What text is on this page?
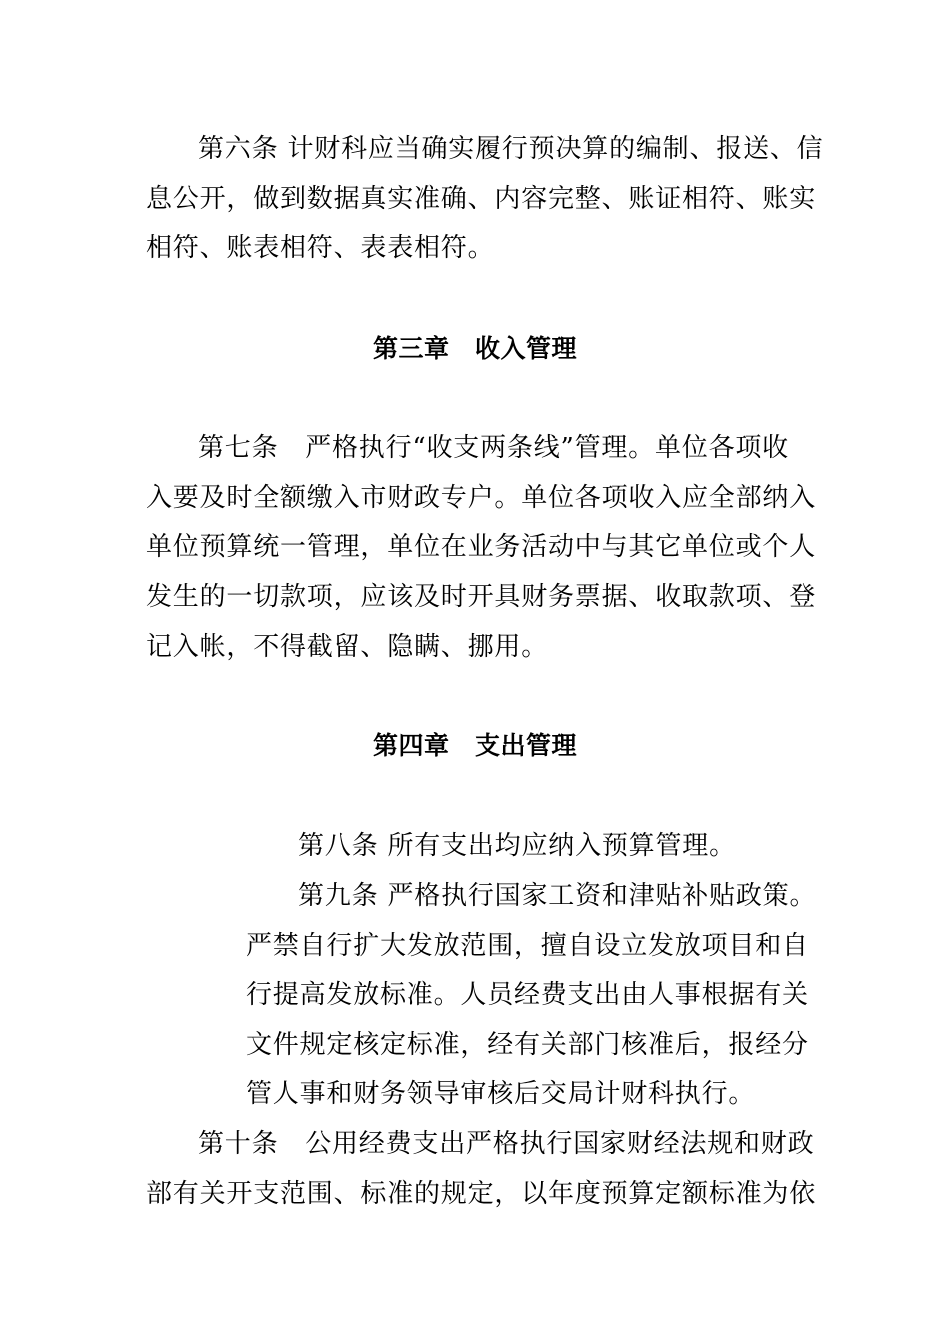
第六条 计财科应当确实履行预决算的编制、报送、信
息公开，做到数据真实准确、内容完整、账证相符、账实
相符、账表相符、表表相符。
第三章　收入管理
第七条　严格执行“收支两条线”管理。单位各项收
入要及时全额缴入市财政专户。单位各项收入应全部纳入
单位预算统一管理，单位在业务活动中与其它单位或个人
发生的一切款项，应该及时开具财务票据、收取款项、登
记入帐，不得截留、隐瞒、挪用。
第四章　支出管理
第八条 所有支出均应纳入预算管理。
第九条 严格执行国家工资和津贴补贴政策。
严禁自行扩大发放范围，擅自设立发放项目和自
行提高发放标准。人员经费支出由人事根据有关
文件规定核定标准，经有关部门核准后，报经分
管人事和财务领导审核后交局计财科执行。
第十条　公用经费支出严格执行国家财经法规和财政
部有关开支范围、标准的规定，以年度预算定额标准为依
